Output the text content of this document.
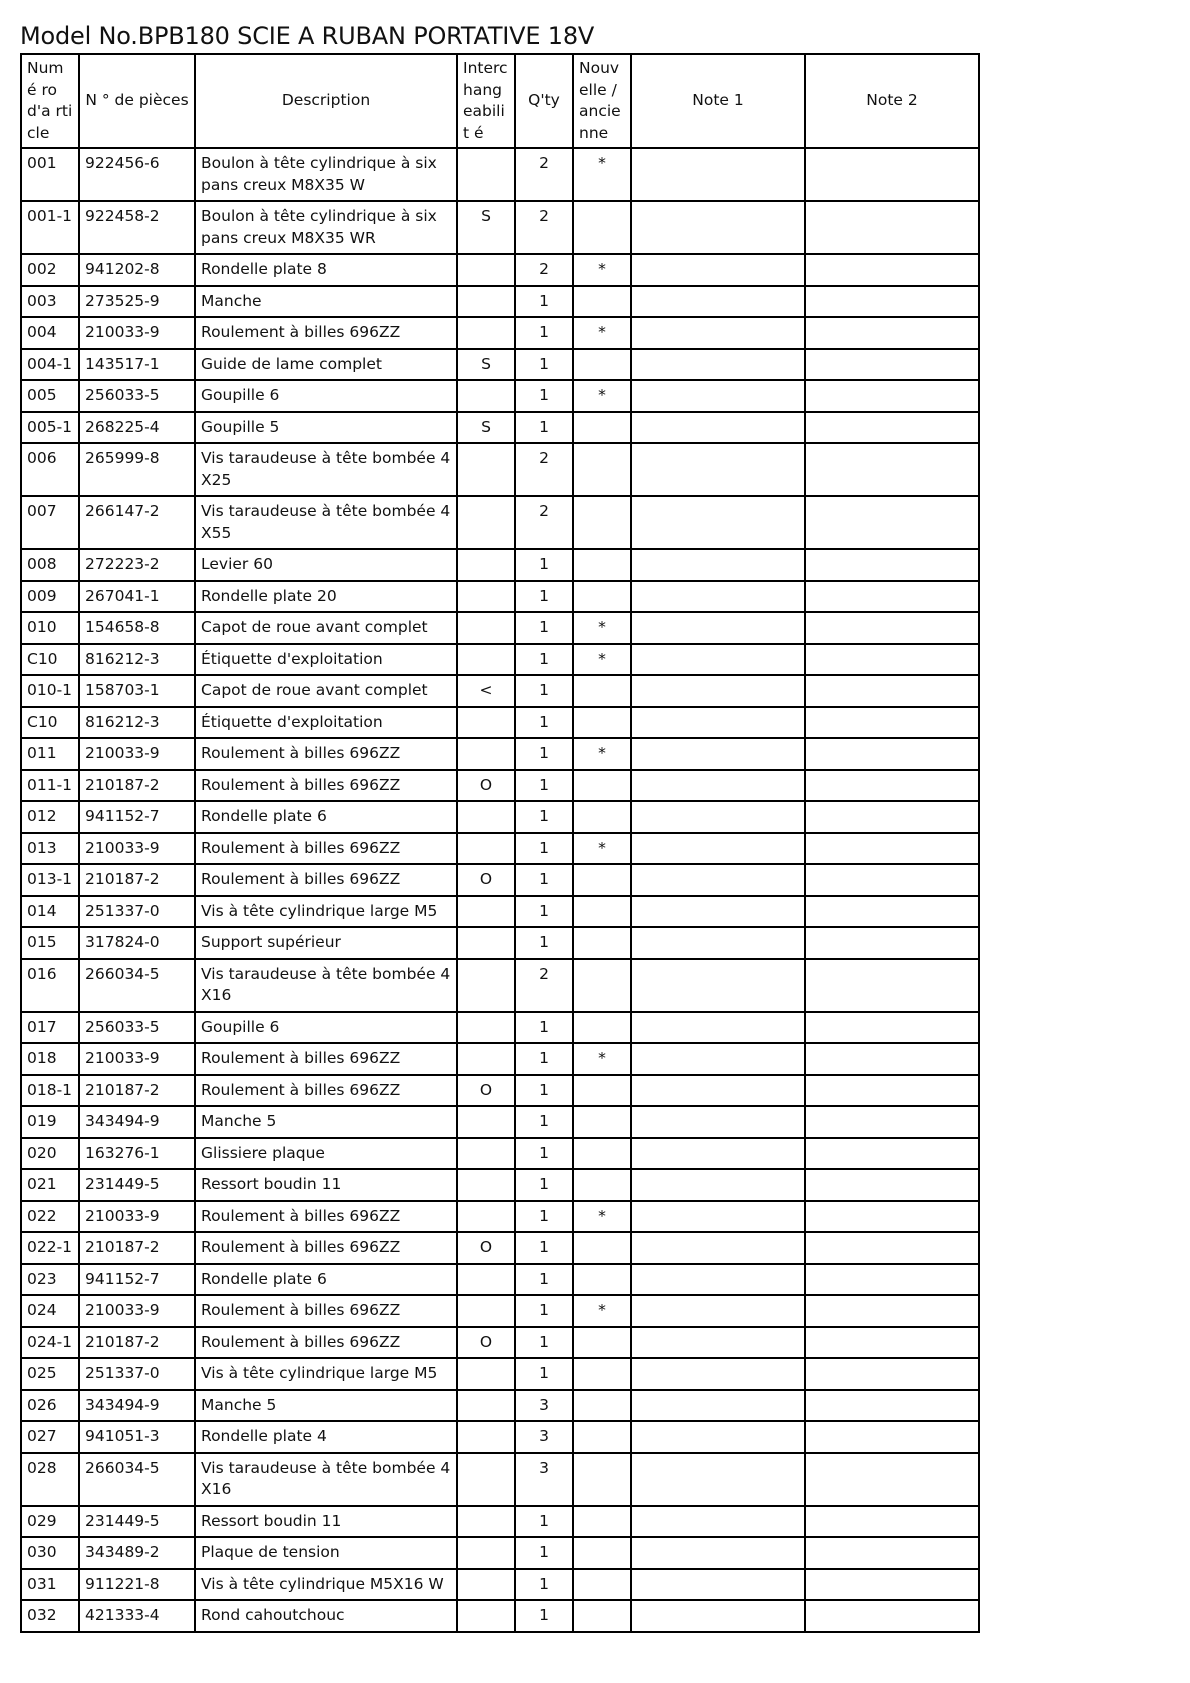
Model No.BPB180 SCIE A RUBAN PORTATIVE 18V
Numé ro d'a rticle	N ° de pièces	Description	Interc hang eabilit é	Q'ty	Nouv elle / ancie nne	Note 1	Note 2
001	922456-6	Boulon à tête cylindrique à six pans creux M8X35 W		2	*		
001-1	922458-2	Boulon à tête cylindrique à six pans creux M8X35 WR	S	2			
002	941202-8	Rondelle plate 8		2	*		
003	273525-9	Manche		1			
004	210033-9	Roulement à billes 696ZZ		1	*		
004-1	143517-1	Guide de lame complet	S	1			
005	256033-5	Goupille 6		1	*		
005-1	268225-4	Goupille 5	S	1			
006	265999-8	Vis taraudeuse à tête bombée 4X25		2			
007	266147-2	Vis taraudeuse à tête bombée 4X55		2			
008	272223-2	Levier 60		1			
009	267041-1	Rondelle plate 20		1			
010	154658-8	Capot de roue avant complet		1	*		
C10	816212-3	Étiquette d'exploitation		1	*		
010-1	158703-1	Capot de roue avant complet	<	1			
C10	816212-3	Étiquette d'exploitation		1			
011	210033-9	Roulement à billes 696ZZ		1	*		
011-1	210187-2	Roulement à billes 696ZZ	O	1			
012	941152-7	Rondelle plate 6		1			
013	210033-9	Roulement à billes 696ZZ		1	*		
013-1	210187-2	Roulement à billes 696ZZ	O	1			
014	251337-0	Vis à tête cylindrique large M5		1			
015	317824-0	Support supérieur		1			
016	266034-5	Vis taraudeuse à tête bombée 4X16		2			
017	256033-5	Goupille 6		1			
018	210033-9	Roulement à billes 696ZZ		1	*		
018-1	210187-2	Roulement à billes 696ZZ	O	1			
019	343494-9	Manche 5		1			
020	163276-1	Glissiere plaque		1			
021	231449-5	Ressort boudin 11		1			
022	210033-9	Roulement à billes 696ZZ		1	*		
022-1	210187-2	Roulement à billes 696ZZ	O	1			
023	941152-7	Rondelle plate 6		1			
024	210033-9	Roulement à billes 696ZZ		1	*		
024-1	210187-2	Roulement à billes 696ZZ	O	1			
025	251337-0	Vis à tête cylindrique large M5		1			
026	343494-9	Manche 5		3			
027	941051-3	Rondelle plate 4		3			
028	266034-5	Vis taraudeuse à tête bombée 4X16		3			
029	231449-5	Ressort boudin 11		1			
030	343489-2	Plaque de tension		1			
031	911221-8	Vis à tête cylindrique M5X16 W		1			
032	421333-4	Rond cahoutchouc		1			
